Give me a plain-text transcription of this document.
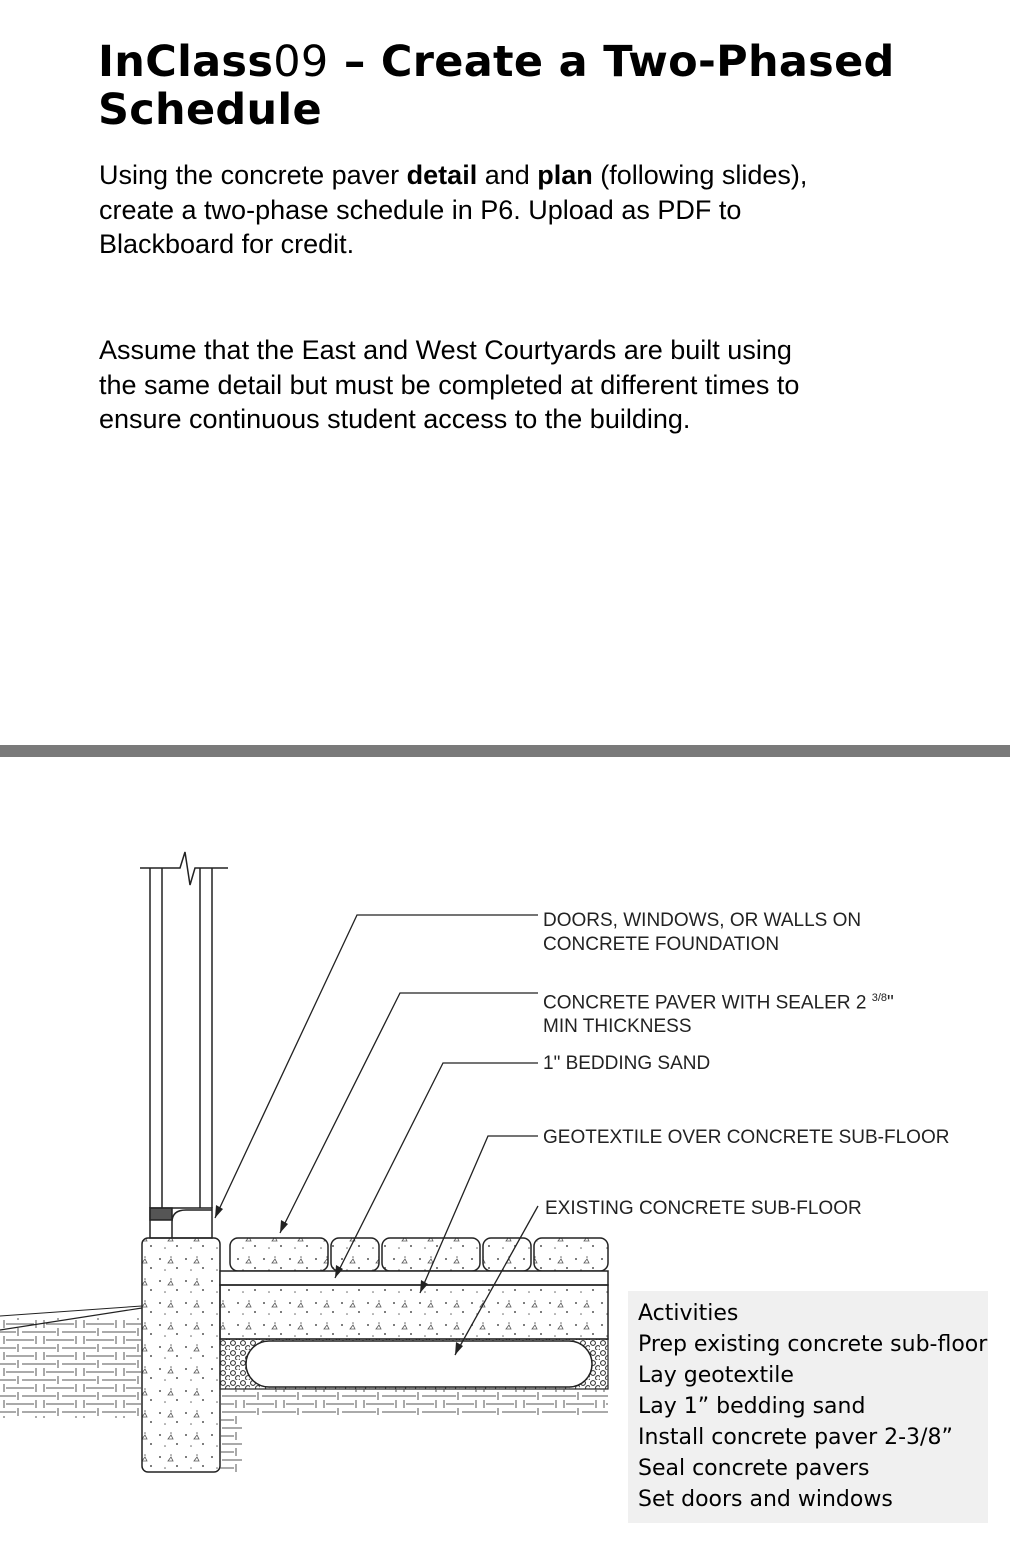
InClass09 – Create a Two-Phased Schedule
Using the concrete paver detail and plan (following slides), create a two-phase schedule in P6. Upload as PDF to Blackboard for credit.
Assume that the East and West Courtyards are built using the same detail but must be completed at different times to ensure continuous student access to the building.
DOORS, WINDOWS, OR WALLS ON
CONCRETE FOUNDATION
CONCRETE PAVER WITH SEALER 2 $^{3/8}$"
MIN THICKNESS
1" BEDDING SAND
GEOTEXTILE OVER CONCRETE SUB-FLOOR
EXISTING CONCRETE SUB-FLOOR
Activities
Prep existing concrete sub-floor
Lay geotextile
Lay 1” bedding sand
Install concrete paver 2-3/8”
Seal concrete pavers
Set doors and windows
